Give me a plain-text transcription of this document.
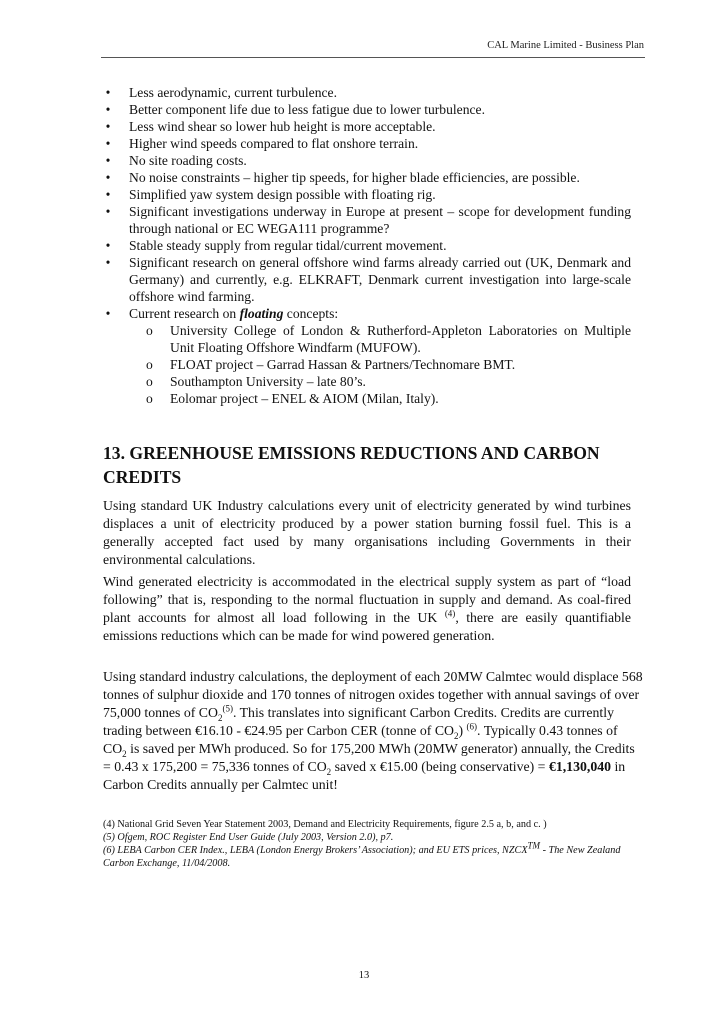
CAL Marine Limited - Business Plan
• Less aerodynamic, current turbulence.
• Better component life due to less fatigue due to lower turbulence.
• Less wind shear so lower hub height is more acceptable.
• Higher wind speeds compared to flat onshore terrain.
• No site roading costs.
• No noise constraints – higher tip speeds, for higher blade efficiencies, are possible.
• Simplified yaw system design possible with floating rig.
• Significant investigations underway in Europe at present – scope for development funding through national or EC WEGA111 programme?
• Stable steady supply from regular tidal/current movement.
• Significant research on general offshore wind farms already carried out (UK, Denmark and Germany) and currently, e.g. ELKRAFT, Denmark current investigation into large-scale offshore wind farming.
• Current research on floating concepts:
o University College of London & Rutherford-Appleton Laboratories on Multiple Unit Floating Offshore Windfarm (MUFOW).
o FLOAT project – Garrad Hassan & Partners/Technomare BMT.
o Southampton University – late 80’s.
o Eolomar project – ENEL & AIOM (Milan, Italy).
13. GREENHOUSE EMISSIONS REDUCTIONS AND CARBON CREDITS

Using standard UK Industry calculations every unit of electricity generated by wind turbines displaces a unit of electricity produced by a power station burning fossil fuel. This is a generally accepted fact used by many organisations including Governments in their environmental calculations.

Wind generated electricity is accommodated in the electrical supply system as part of “load following” that is, responding to the normal fluctuation in supply and demand. As coal-fired plant accounts for almost all load following in the UK $^{(4)}$, there are easily quantifiable emissions reductions which can be made for wind powered generation.

Using standard industry calculations, the deployment of each 20MW Calmtec would displace 568 tonnes of sulphur dioxide and 170 tonnes of nitrogen oxides together with annual savings of over 75,000 tonnes of $CO_2^{(5)}$. This translates into significant Carbon Credits. Credits are currently trading between €16.10 - €24.95 per Carbon CER (tonne of $CO_2$) $^{(6)}$. Typically 0.43 tonnes of $CO_2$ is saved per MWh produced. So for 175,200 MWh (20MW generator) annually, the Credits = 0.43 x 175,200 = 75,336 tonnes of $CO_2$ saved x €15.00 (being conservative) = €1,130,040 in Carbon Credits annually per Calmtec unit!

(4) National Grid Seven Year Statement 2003, Demand and Electricity Requirements, figure 2.5 a, b, and c. )
(5) Ofgem, ROC Register End User Guide (July 2003, Version 2.0), p7.
(6) LEBA Carbon CER Index., LEBA (London Energy Brokers’ Association); and EU ETS prices, NZCX™ - The New Zealand Carbon Exchange, 11/04/2008.
13
